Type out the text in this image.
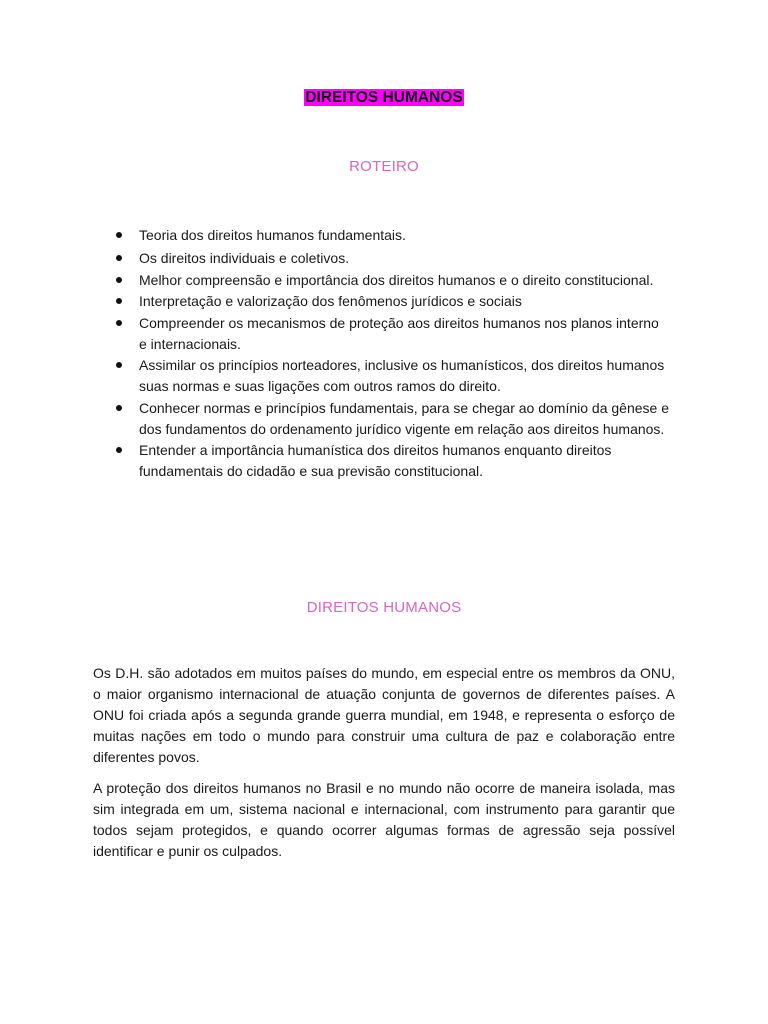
DIREITOS HUMANOS
ROTEIRO
Teoria dos direitos humanos fundamentais.
Os direitos individuais e coletivos.
Melhor compreensão e importância dos direitos humanos e o direito constitucional.
Interpretação e valorização dos fenômenos jurídicos e sociais
Compreender os mecanismos de proteção aos direitos humanos nos planos interno e internacionais.
Assimilar os princípios norteadores, inclusive os humanísticos, dos direitos humanos suas normas e suas ligações com outros ramos do direito.
Conhecer normas e princípios fundamentais, para se chegar ao domínio da gênese e dos fundamentos do ordenamento jurídico vigente em relação aos direitos humanos.
Entender a importância humanística dos direitos humanos enquanto direitos fundamentais do cidadão e sua previsão constitucional.
DIREITOS HUMANOS

Os D.H. são adotados em muitos países do mundo, em especial entre os membros da ONU, o maior organismo internacional de atuação conjunta de governos de diferentes países. A ONU foi criada após a segunda grande guerra mundial, em 1948, e representa o esforço de muitas nações em todo o mundo para construir uma cultura de paz e colaboração entre diferentes povos.

A proteção dos direitos humanos no Brasil e no mundo não ocorre de maneira isolada, mas sim integrada em um, sistema nacional e internacional, com instrumento para garantir que todos sejam protegidos, e quando ocorrer algumas formas de agressão seja possível identificar e punir os culpados.
